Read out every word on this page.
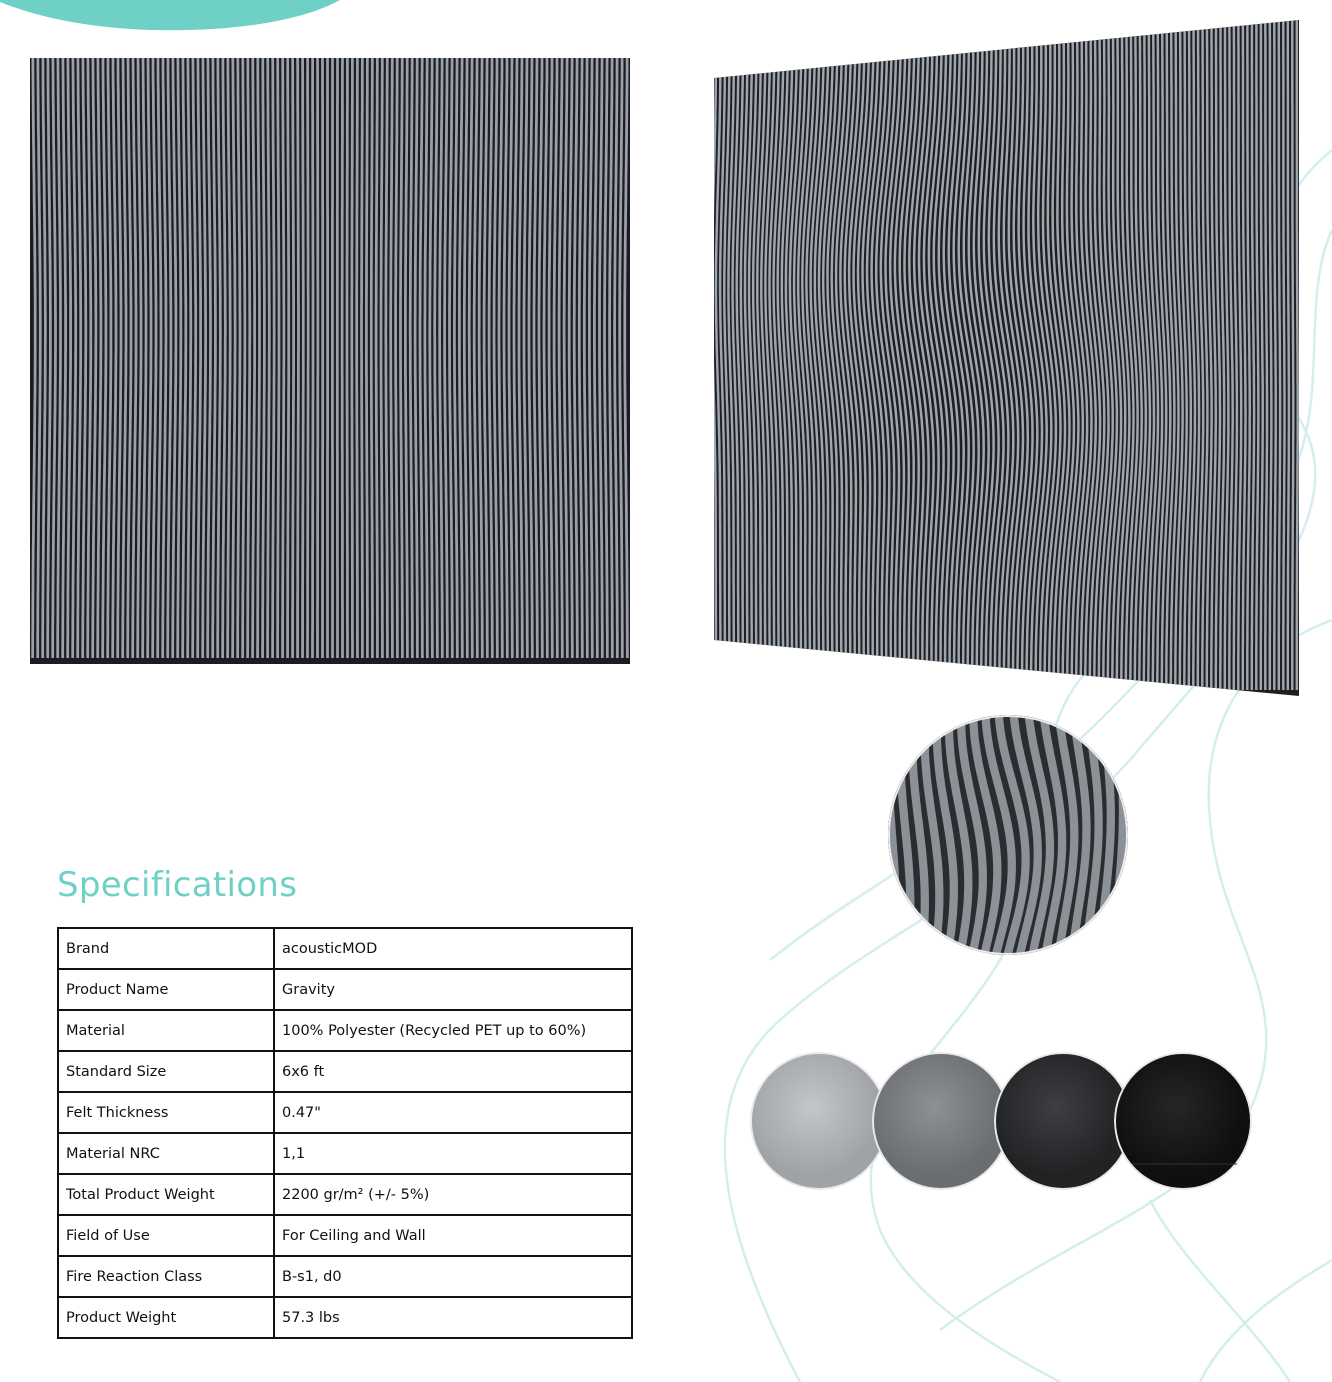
Specifications
Brand	acousticMOD
Product Name	Gravity
Material	100% Polyester (Recycled PET up to 60%)
Standard Size	6x6 ft
Felt Thickness	0.47"
Material NRC	1,1
Total Product Weight	2200 gr/m² (+/- 5%)
Field of Use	For Ceiling and Wall
Fire Reaction Class	B-s1, d0
Product Weight	57.3 lbs
